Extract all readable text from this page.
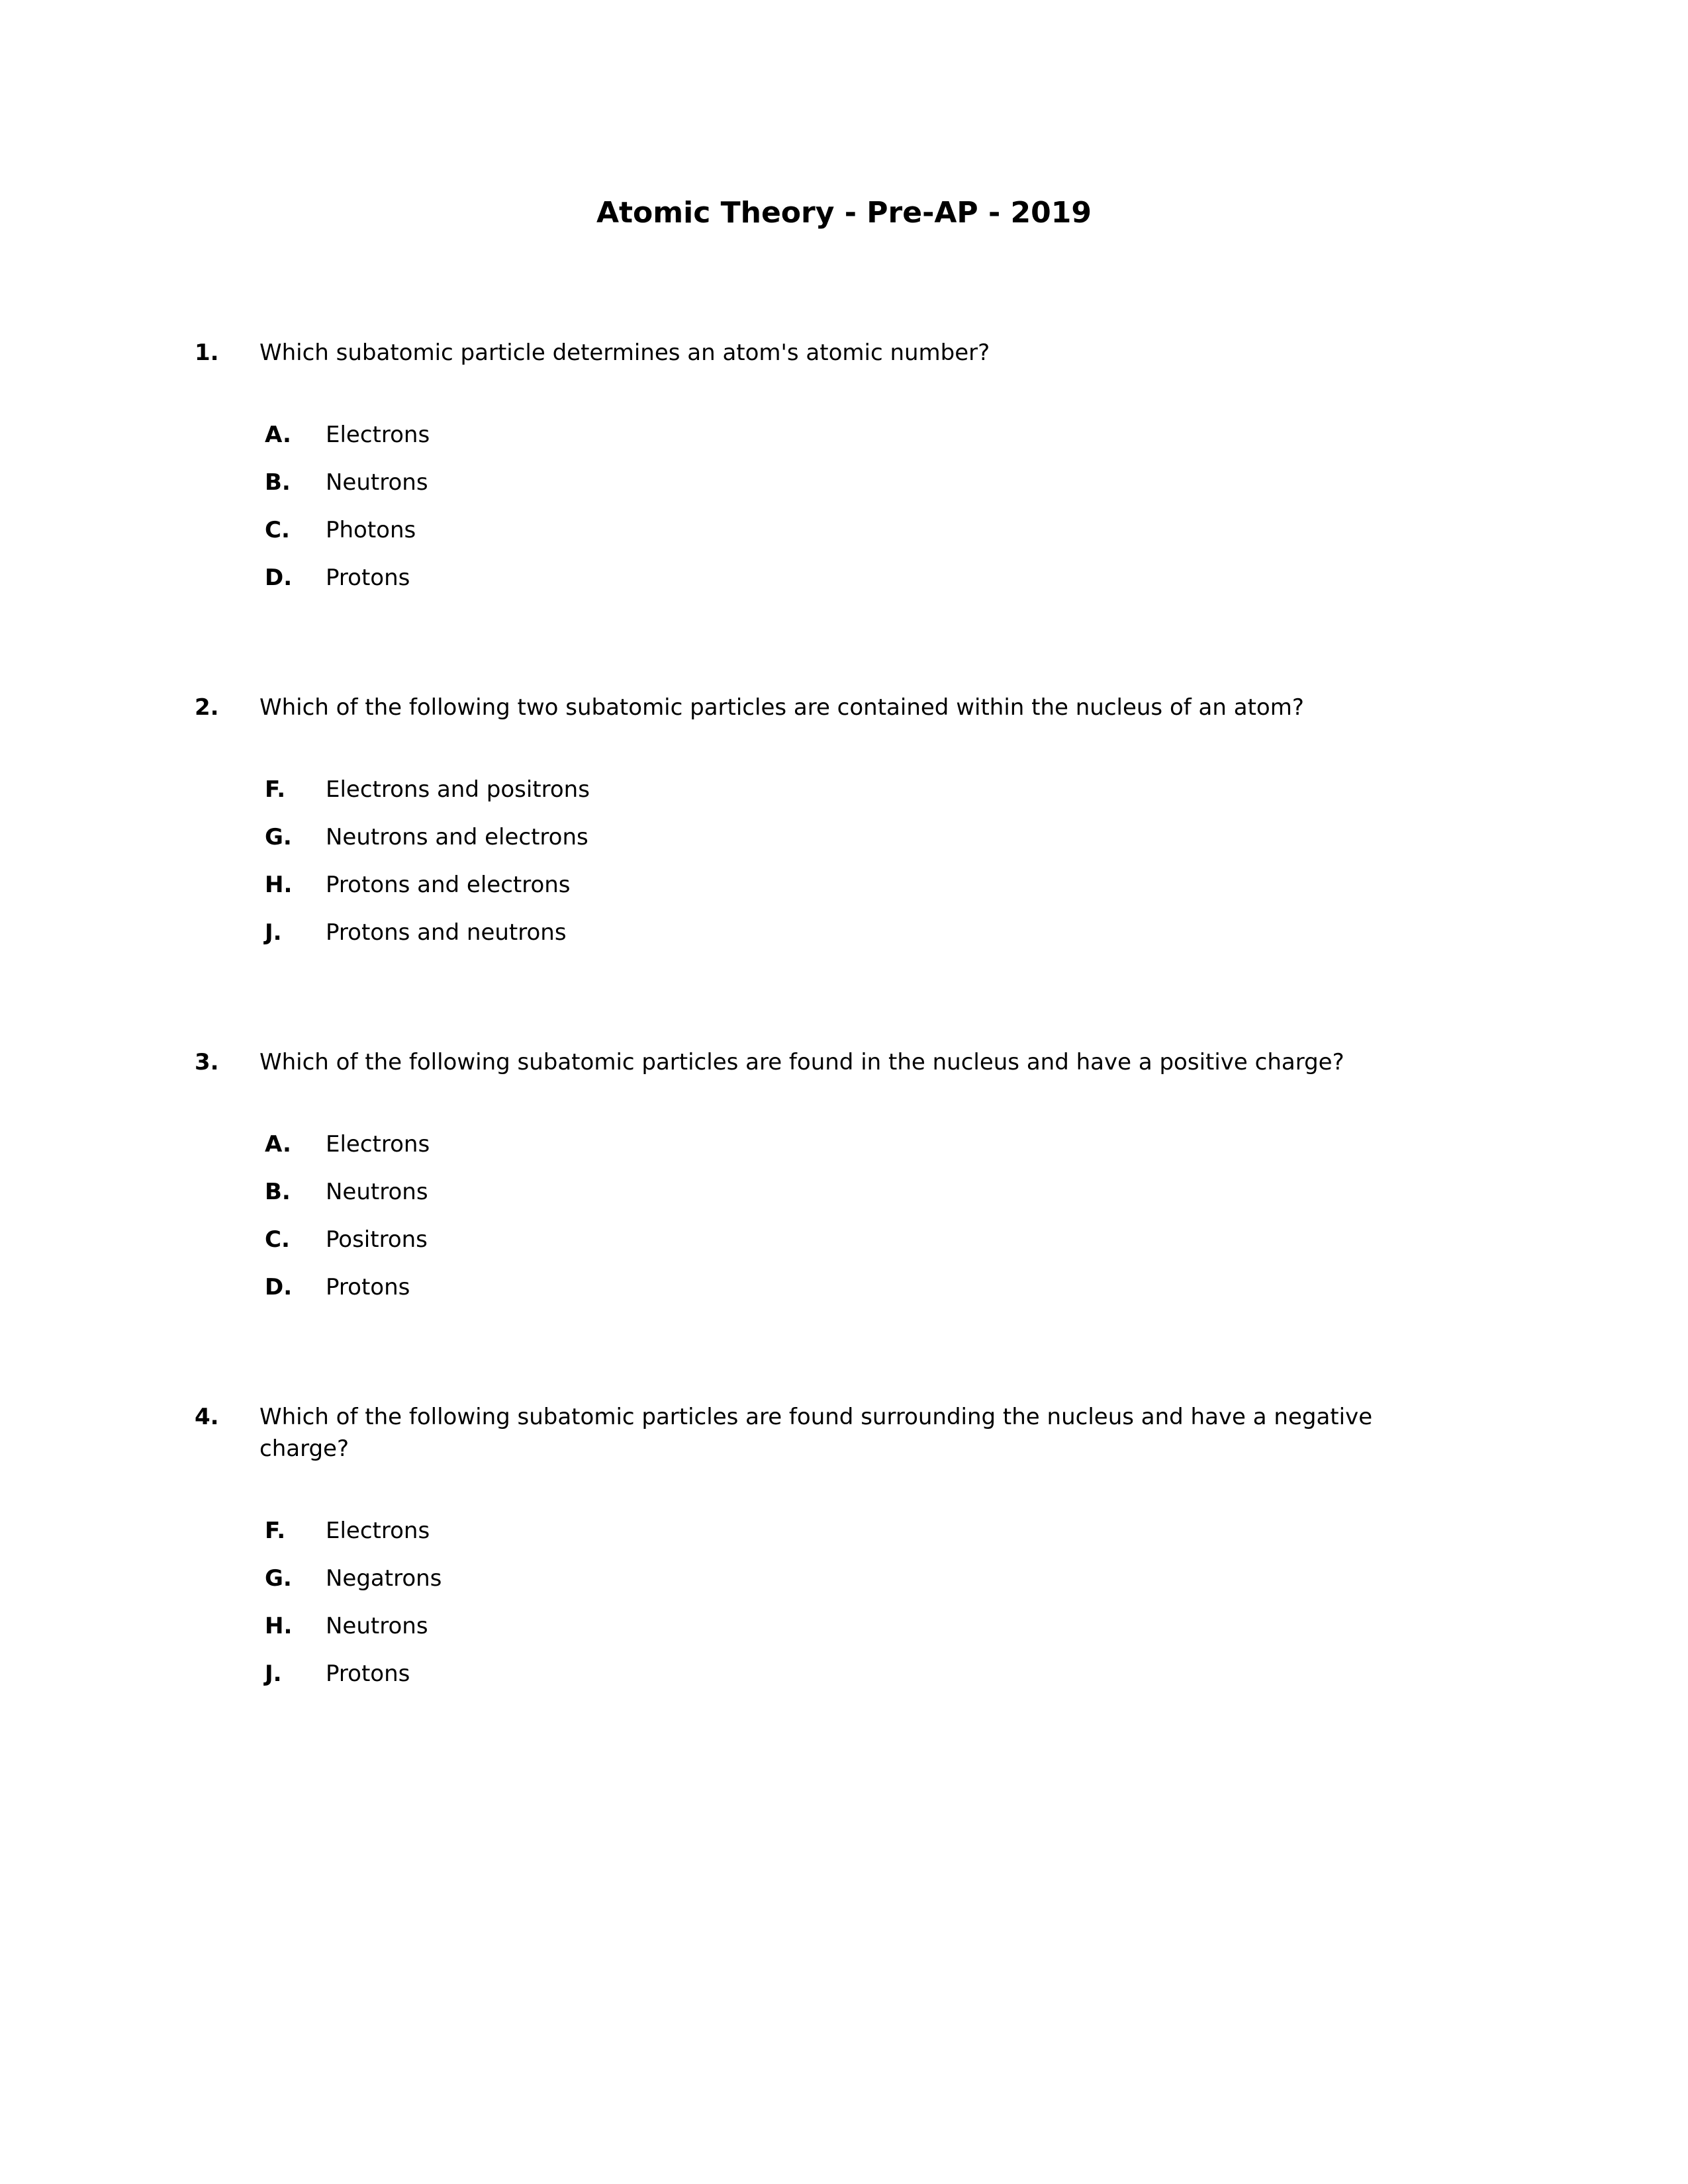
Atomic Theory - Pre-AP - 2019
1.	Which subatomic particle determines an atom's atomic number?
A.	Electrons
B.	Neutrons
C.	Photons
D.	Protons
2.	Which of the following two subatomic particles are contained within the nucleus of an atom?
F.	Electrons and positrons
G.	Neutrons and electrons
H.	Protons and electrons
J.	Protons and neutrons
3.	Which of the following subatomic particles are found in the nucleus and have a positive charge?
A.	Electrons
B.	Neutrons
C.	Positrons
D.	Protons
4.	Which of the following subatomic particles are found surrounding the nucleus and have a negative charge?
F.	Electrons
G.	Negatrons
H.	Neutrons
J.	Protons
